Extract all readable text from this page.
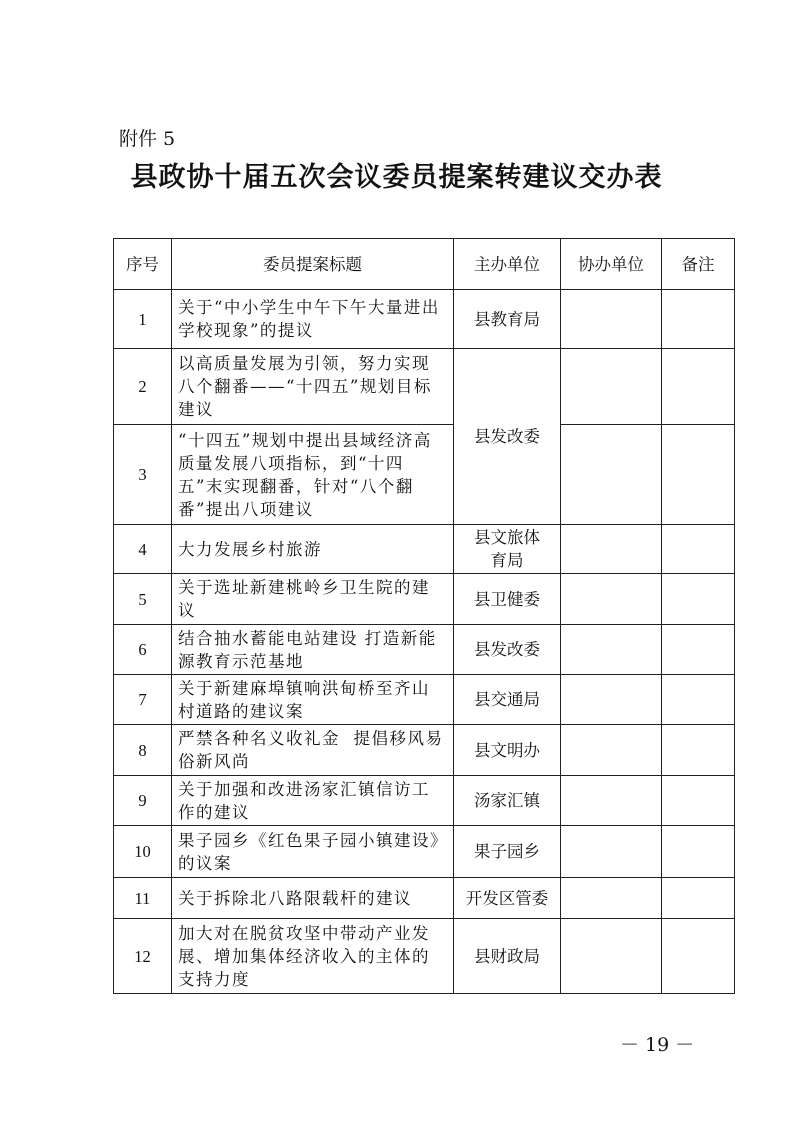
附件 5
县政协十届五次会议委员提案转建议交办表
序号	委员提案标题	主办单位	协办单位	备注
1	关于“中小学生中午下午大量进出学校现象”的提议	县教育局		
2	以高质量发展为引领，努力实现八个翻番——“十四五”规划目标建议	县发改委		
3	“十四五”规划中提出县域经济高质量发展八项指标，到“十四五”末实现翻番，针对“八个翻番”提出八项建议			
4	大力发展乡村旅游	县文旅体育局		
5	关于选址新建桃岭乡卫生院的建议	县卫健委		
6	结合抽水蓄能电站建设 打造新能源教育示范基地	县发改委		
7	关于新建麻埠镇响洪甸桥至齐山村道路的建议案	县交通局		
8	严禁各种名义收礼金  提倡移风易俗新风尚	县文明办		
9	关于加强和改进汤家汇镇信访工作的建议	汤家汇镇		
10	果子园乡《红色果子园小镇建设》的议案	果子园乡		
11	关于拆除北八路限载杆的建议	开发区管委		
12	加大对在脱贫攻坚中带动产业发展、增加集体经济收入的主体的支持力度	县财政局		
－ 19 －
